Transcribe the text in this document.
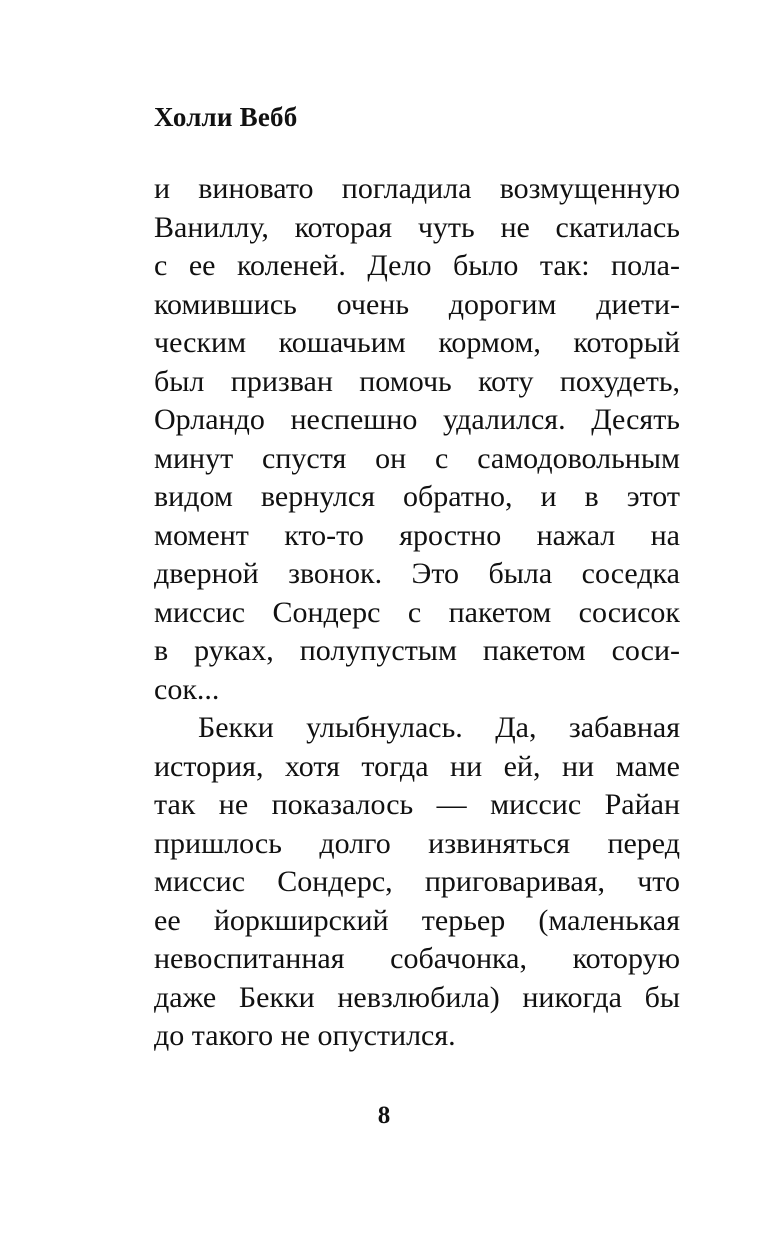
Холли Вебб
и виновато погладила возмущенную
Ваниллу, которая чуть не скатилась
с ее коленей. Дело было так: пола-
комившись очень дорогим диети-
ческим кошачьим кормом, который
был призван помочь коту похудеть,
Орландо неспешно удалился. Десять
минут спустя он с самодовольным
видом вернулся обратно, и в этот
момент кто-то яростно нажал на
дверной звонок. Это была соседка
миссис Сондерс с пакетом сосисок
в руках, полупустым пакетом соси-
сок...
Бекки улыбнулась. Да, забавная
история, хотя тогда ни ей, ни маме
так не показалось — миссис Райан
пришлось долго извиняться перед
миссис Сондерс, приговаривая, что
ее йоркширский терьер (маленькая
невоспитанная собачонка, которую
даже Бекки невзлюбила) никогда бы
до такого не опустился.
8
